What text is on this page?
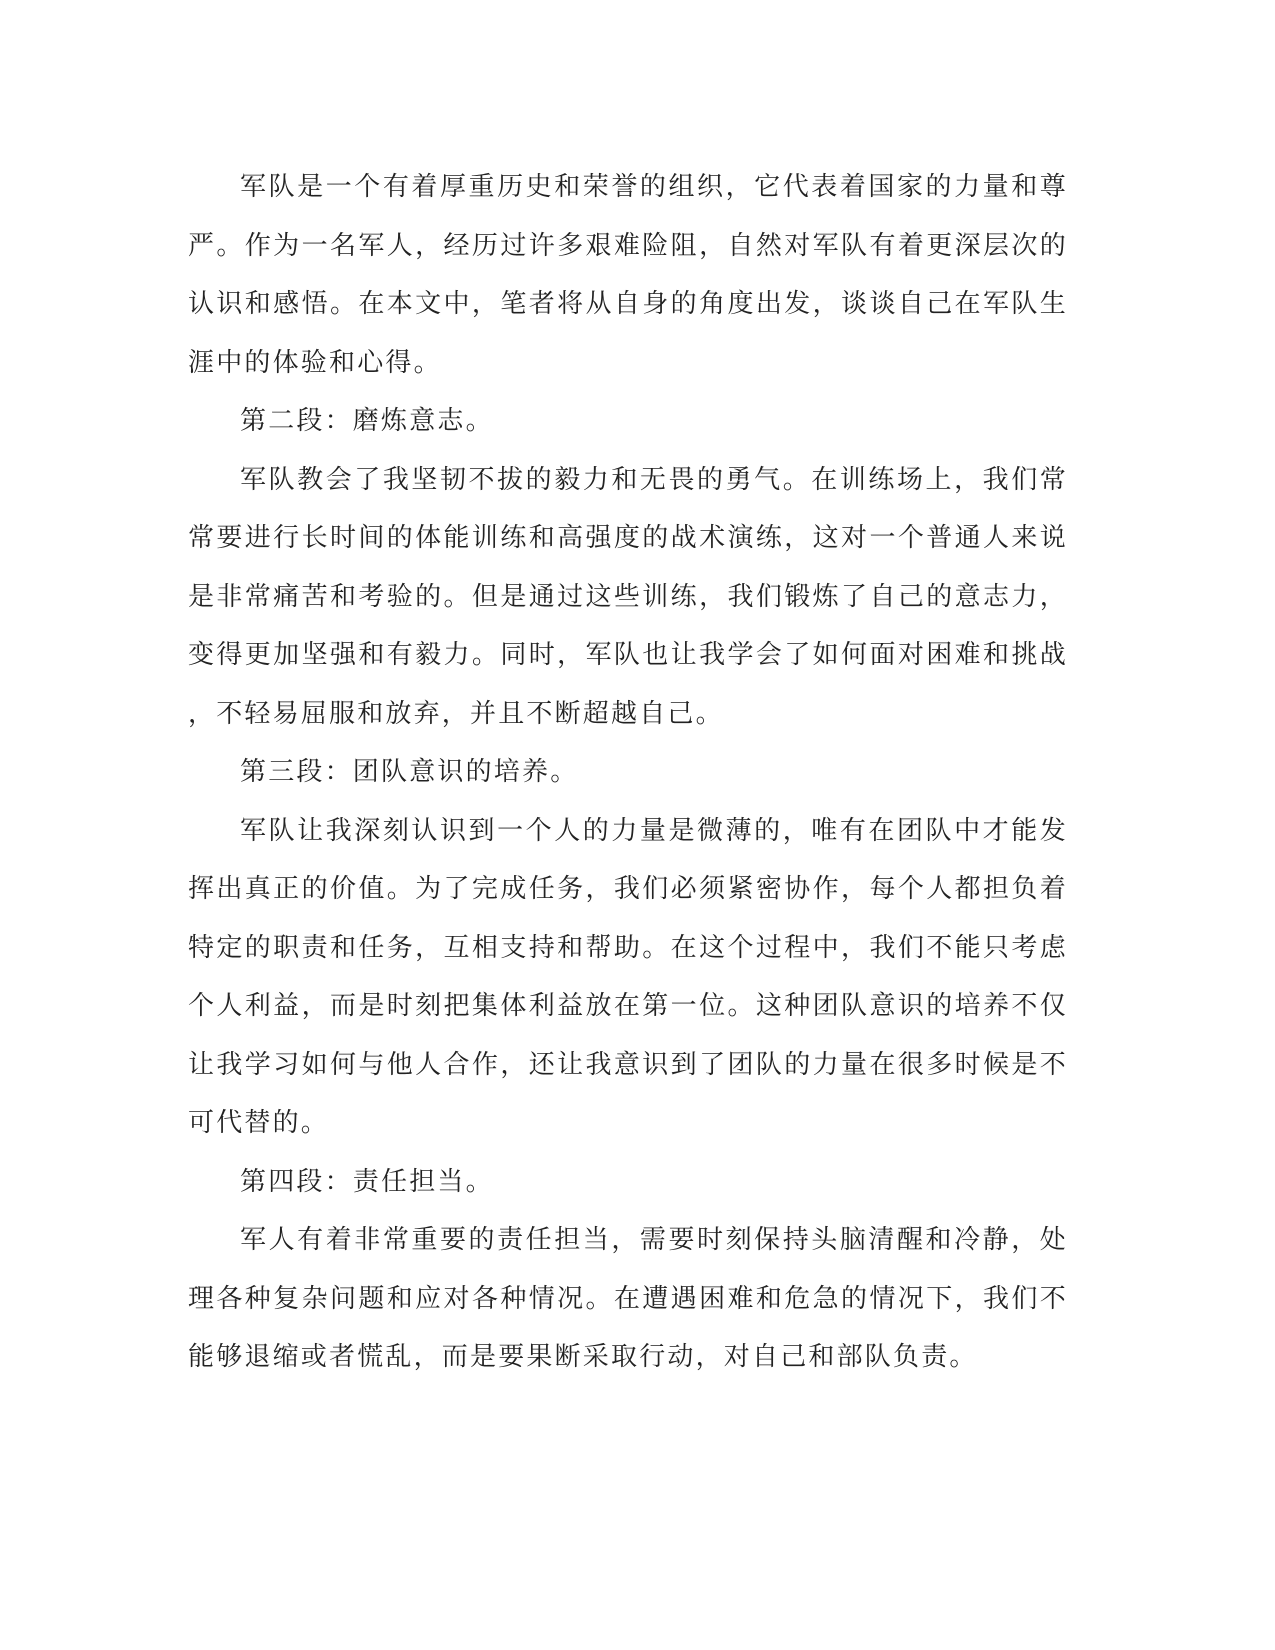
军队是一个有着厚重历史和荣誉的组织，它代表着国家的力量和尊严。作为一名军人，经历过许多艰难险阻，自然对军队有着更深层次的认识和感悟。在本文中，笔者将从自身的角度出发，谈谈自己在军队生涯中的体验和心得。

第二段：磨炼意志。

军队教会了我坚韧不拔的毅力和无畏的勇气。在训练场上，我们常常要进行长时间的体能训练和高强度的战术演练，这对一个普通人来说是非常痛苦和考验的。但是通过这些训练，我们锻炼了自己的意志力，变得更加坚强和有毅力。同时，军队也让我学会了如何面对困难和挑战，不轻易屈服和放弃，并且不断超越自己。

第三段：团队意识的培养。

军队让我深刻认识到一个人的力量是微薄的，唯有在团队中才能发挥出真正的价值。为了完成任务，我们必须紧密协作，每个人都担负着特定的职责和任务，互相支持和帮助。在这个过程中，我们不能只考虑个人利益，而是时刻把集体利益放在第一位。这种团队意识的培养不仅让我学习如何与他人合作，还让我意识到了团队的力量在很多时候是不可代替的。

第四段：责任担当。

军人有着非常重要的责任担当，需要时刻保持头脑清醒和冷静，处理各种复杂问题和应对各种情况。在遭遇困难和危急的情况下，我们不能够退缩或者慌乱，而是要果断采取行动，对自己和部队负责。
